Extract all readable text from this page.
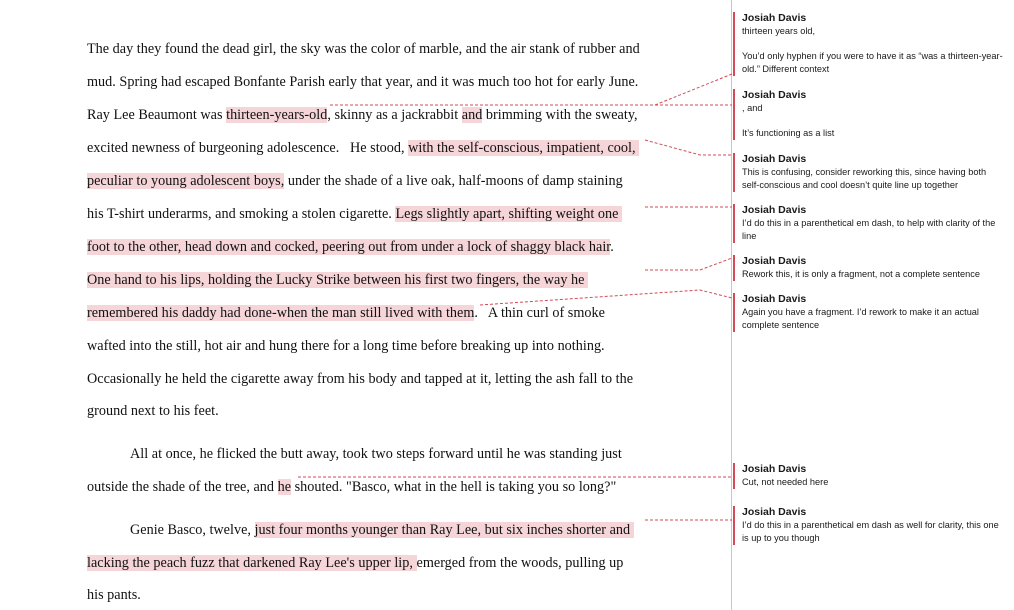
The day they found the dead girl, the sky was the color of marble, and the air stank of rubber and
mud. Spring had escaped Bonfante Parish early that year, and it was much too hot for early June.
Ray Lee Beaumont was thirteen-years-old, skinny as a jackrabbit and brimming with the sweaty,
excited newness of burgeoning adolescence.   He stood, with the self-conscious, impatient, cool,
peculiar to young adolescent boys, under the shade of a live oak, half-moons of damp staining
his T-shirt underarms, and smoking a stolen cigarette. Legs slightly apart, shifting weight one
foot to the other, head down and cocked, peering out from under a lock of shaggy black hair.
One hand to his lips, holding the Lucky Strike between his first two fingers, the way he
remembered his daddy had done-when the man still lived with them.   A thin curl of smoke
wafted into the still, hot air and hung there for a long time before breaking up into nothing.
Occasionally he held the cigarette away from his body and tapped at it, letting the ash fall to the
ground next to his feet.
All at once, he flicked the butt away, took two steps forward until he was standing just
outside the shade of the tree, and he shouted. "Basco, what in the hell is taking you so long?"
Genie Basco, twelve, just four months younger than Ray Lee, but six inches shorter and
lacking the peach fuzz that darkened Ray Lee's upper lip, emerged from the woods, pulling up
his pants.
Josiah Davis

thirteen years old,

You’d only hyphen if you were to have it as “was a thirteen-year-old.” Different context

Josiah Davis

, and

It’s functioning as a list

Josiah Davis

This is confusing, consider reworking this, since having both self-conscious and cool doesn’t quite line up together

Josiah Davis

I’d do this in a parenthetical em dash, to help with clarity of the line

Josiah Davis

Rework this, it is only a fragment, not a complete sentence

Josiah Davis

Again you have a fragment. I’d rework to make it an actual complete sentence

Josiah Davis

Cut, not needed here

Josiah Davis

I’d do this in a parenthetical em dash as well for clarity, this one is up to you though
